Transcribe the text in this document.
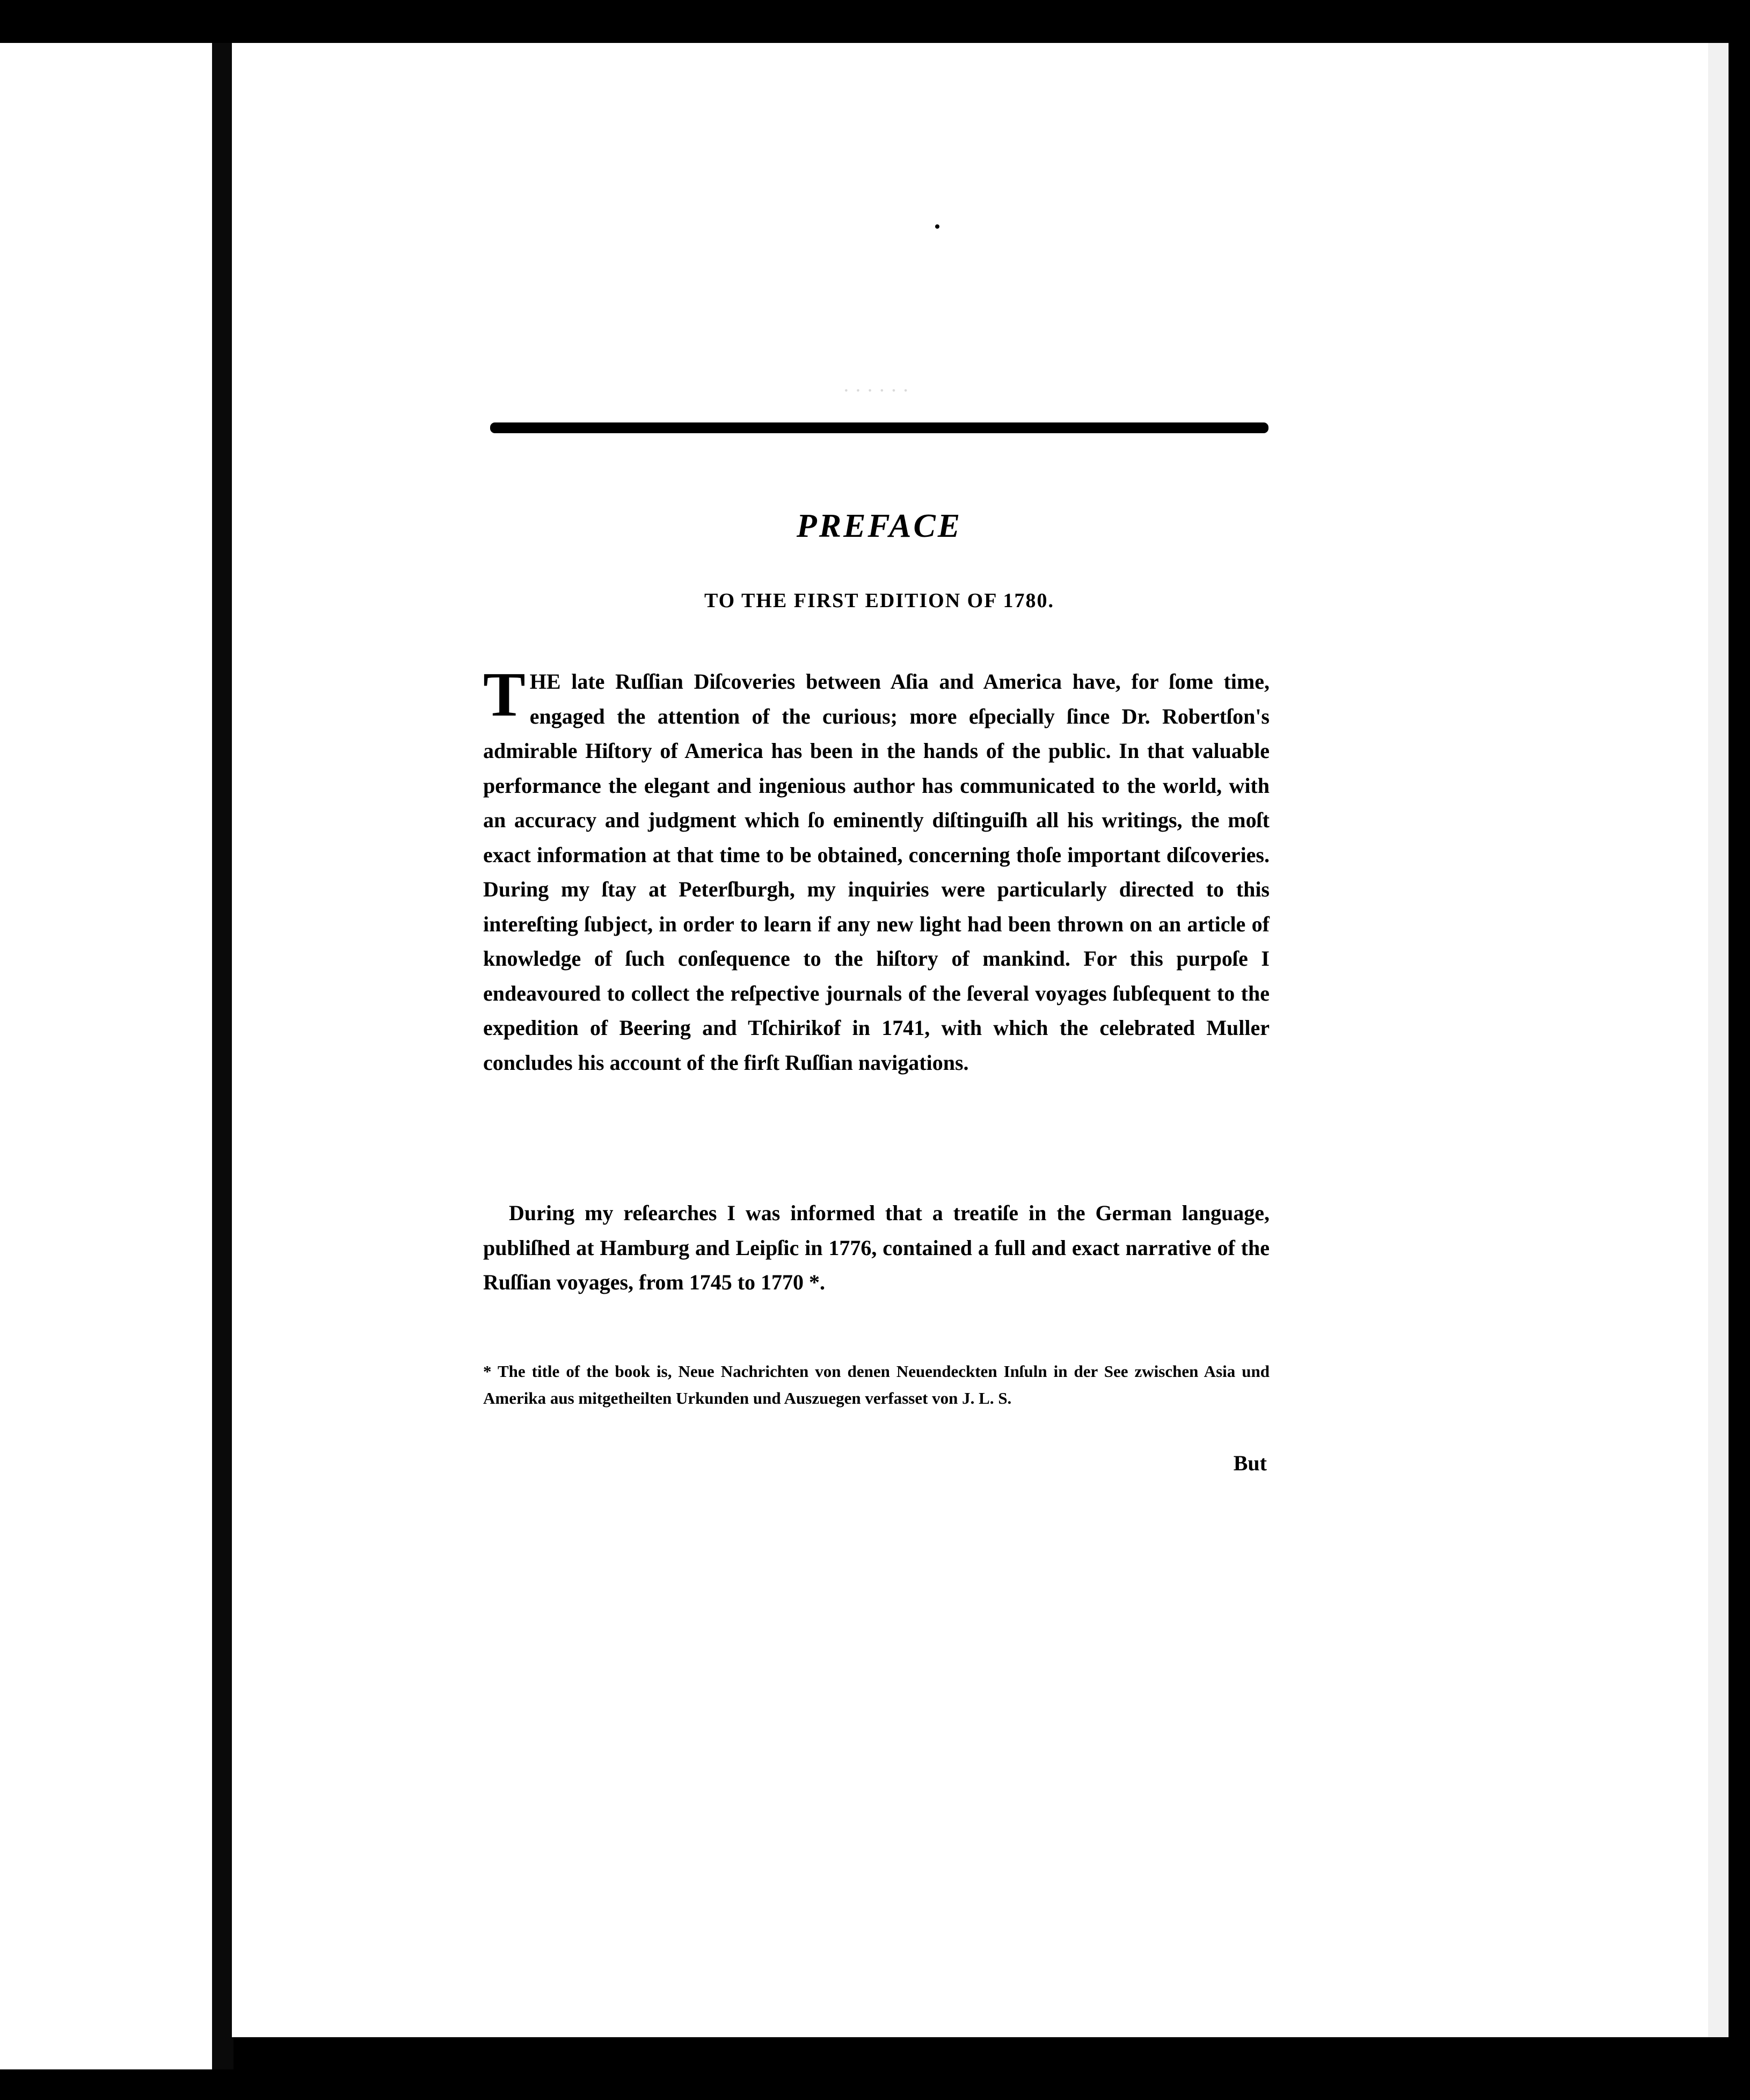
· · · · · ·
PREFACE
TO THE FIRST EDITION OF 1780.

THE late Ruſſian Diſcoveries between Aſia and America have, for ſome time, engaged the attention of the curious; more eſpecially ſince Dr. Robertſon's admirable Hiſtory of America has been in the hands of the public. In that valuable performance the elegant and ingenious author has communicated to the world, with an accuracy and judgment which ſo eminently diſtinguiſh all his writings, the moſt exact information at that time to be obtained, concerning thoſe important diſcoveries. During my ſtay at Peterſburgh, my inquiries were particularly directed to this intereſting ſubject, in order to learn if any new light had been thrown on an article of knowledge of ſuch conſequence to the hiſtory of mankind. For this purpoſe I endeavoured to collect the reſpective journals of the ſeveral voyages ſubſequent to the expedition of Beering and Tſchirikof in 1741, with which the celebrated Muller concludes his account of the firſt Ruſſian navigations.

During my reſearches I was informed that a treatiſe in the German language, publiſhed at Hamburg and Leipſic in 1776, contained a full and exact narrative of the Ruſſian voyages, from 1745 to 1770 *.

* The title of the book is, Neue Nachrichten von denen Neuendeckten Inſuln in der See zwischen Asia und Amerika aus mitgetheilten Urkunden und Auszuegen verfasset von J. L. S.

But
